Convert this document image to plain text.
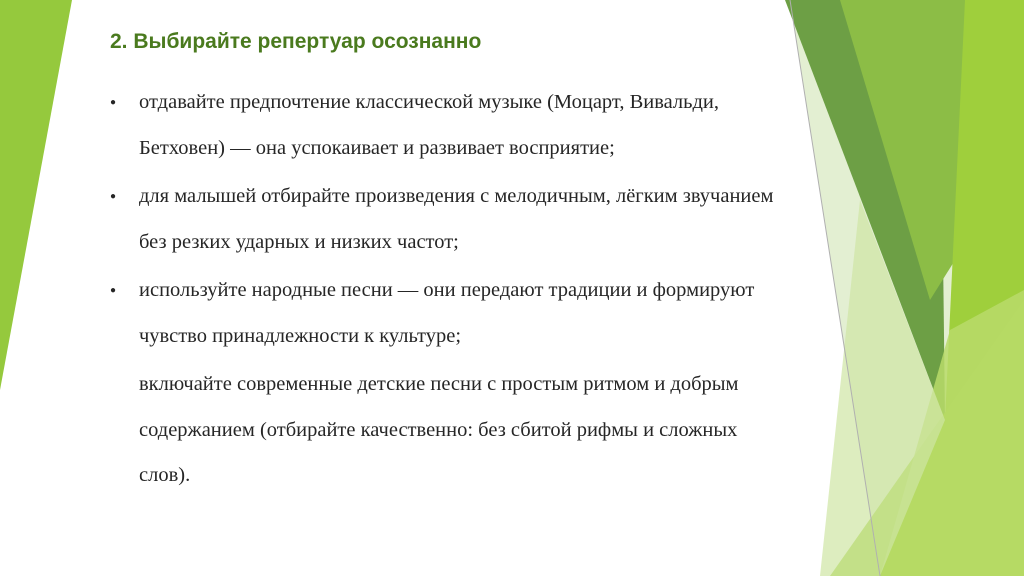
2. Выбирайте репертуар осознанно
● отдавайте предпочтение классической музыке (Моцарт, Вивальди, Бетховен) — она успокаивает и развивает восприятие;
● для малышей отбирайте произведения с мелодичным, лёгким звучанием без резких ударных и низких частот;
● используйте народные песни — они передают традиции и формируют чувство принадлежности к культуре;
включайте современные детские песни с простым ритмом и добрым содержанием (отбирайте качественно: без сбитой рифмы и сложных слов).
